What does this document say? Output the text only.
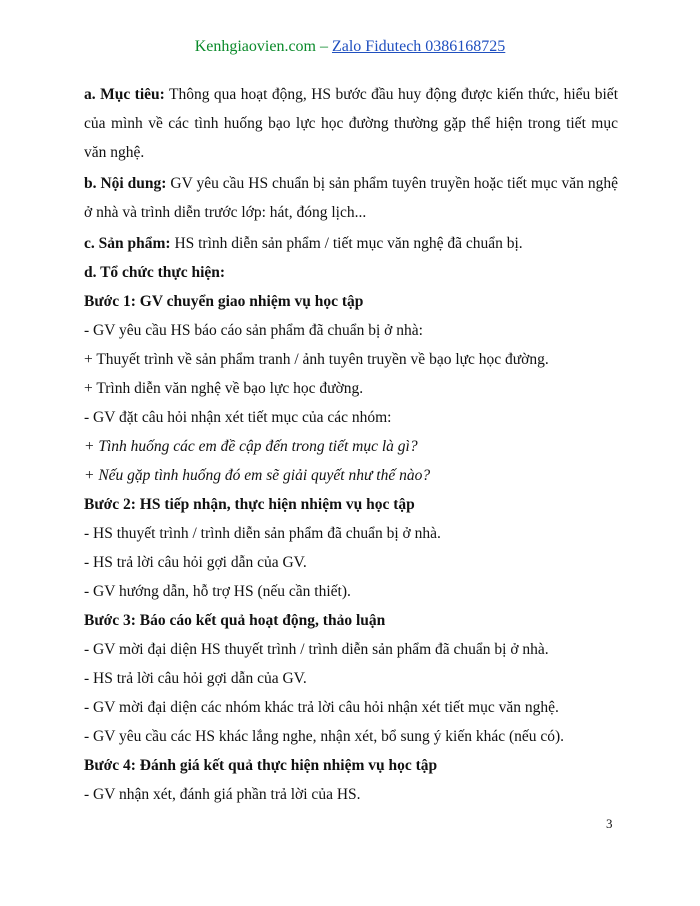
Kenhgiaovien.com – Zalo Fidutech 0386168725

a. Mục tiêu: Thông qua hoạt động, HS bước đầu huy động được kiến thức, hiểu biết của mình về các tình huống bạo lực học đường thường gặp thể hiện trong tiết mục văn nghệ.

b. Nội dung: GV yêu cầu HS chuẩn bị sản phẩm tuyên truyền hoặc tiết mục văn nghệ ở nhà và trình diễn trước lớp: hát, đóng lịch...

c. Sản phẩm: HS trình diễn sản phẩm / tiết mục văn nghệ đã chuẩn bị.

d. Tổ chức thực hiện:

Bước 1: GV chuyển giao nhiệm vụ học tập

- GV yêu cầu HS báo cáo sản phẩm đã chuẩn bị ở nhà:

+ Thuyết trình về sản phẩm tranh / ảnh tuyên truyền về bạo lực học đường.

+ Trình diễn văn nghệ về bạo lực học đường.

- GV đặt câu hỏi nhận xét tiết mục của các nhóm:

+ Tình huống các em đề cập đến trong tiết mục là gì?

+ Nếu gặp tình huống đó em sẽ giải quyết như thế nào?

Bước 2: HS tiếp nhận, thực hiện nhiệm vụ học tập

- HS thuyết trình / trình diễn sản phẩm đã chuẩn bị ở nhà.

- HS trả lời câu hỏi gợi dẫn của GV.

- GV hướng dẫn, hỗ trợ HS (nếu cần thiết).

Bước 3: Báo cáo kết quả hoạt động, thảo luận

- GV mời đại diện HS thuyết trình / trình diễn sản phẩm đã chuẩn bị ở nhà.

- HS trả lời câu hỏi gợi dẫn của GV.

- GV mời đại diện các nhóm khác trả lời câu hỏi nhận xét tiết mục văn nghệ.

- GV yêu cầu các HS khác lắng nghe, nhận xét, bổ sung ý kiến khác (nếu có).

Bước 4: Đánh giá kết quả thực hiện nhiệm vụ học tập

- GV nhận xét, đánh giá phần trả lời của HS.

3
